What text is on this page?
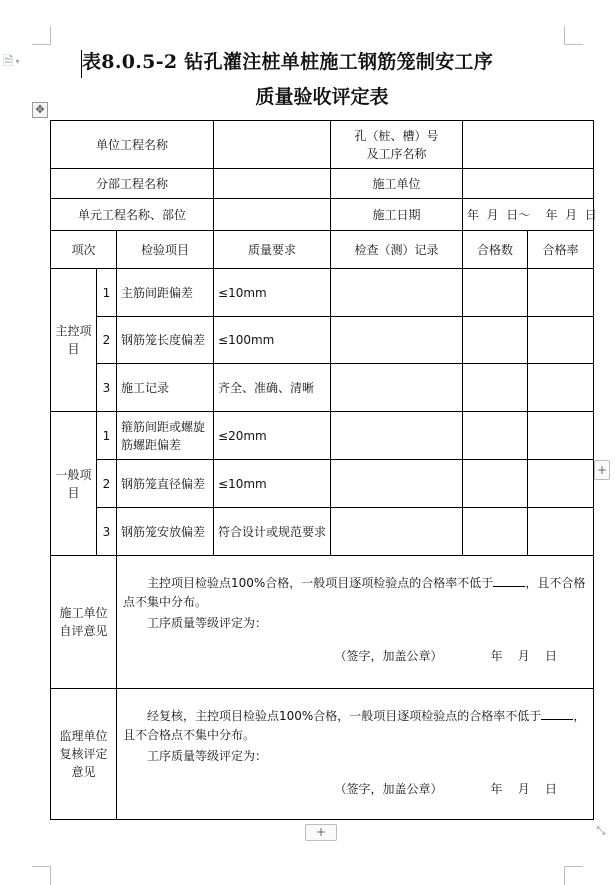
🗎 ▾	表8.0.5-2 钻孔灌注桩单桩施工钢筋笼制安工序
质量验收评定表
✥
单位工程名称				孔（桩、槽）号
及工序名称		

分部工程名称				施工单位		
单元工程名称、部位				施工日期	年  月  日～    年  月  日	
项次		检验项目	质量要求	检查（测）记录	合格数	合格率
主控项目	1	主筋间距偏差	≤10mm			
	2	钢筋笼长度偏差	≤100mm			
	3	施工记录	齐全、准确、清晰			
一般项目	1	箍筋间距或螺旋筋螺距偏差	≤20mm			
	2	钢筋笼直径偏差	≤10mm			
	3	钢筋笼安放偏差	符合设计或规范要求			
施工单位自评意见		主控项目检验点100%合格，一般项目逐项检验点的合格率不低于 ，且不合格点不集中分布。

工序质量等级评定为：

（签字，加盖公章） 年    月    日				

监理单位复核评定意见		经复核，主控项目检验点100%合格，一般项目逐项检验点的合格率不低于 ，且不合格点不集中分布。

工序质量等级评定为：

（签字，加盖公章） 年    月    日				

+
+	⤡
